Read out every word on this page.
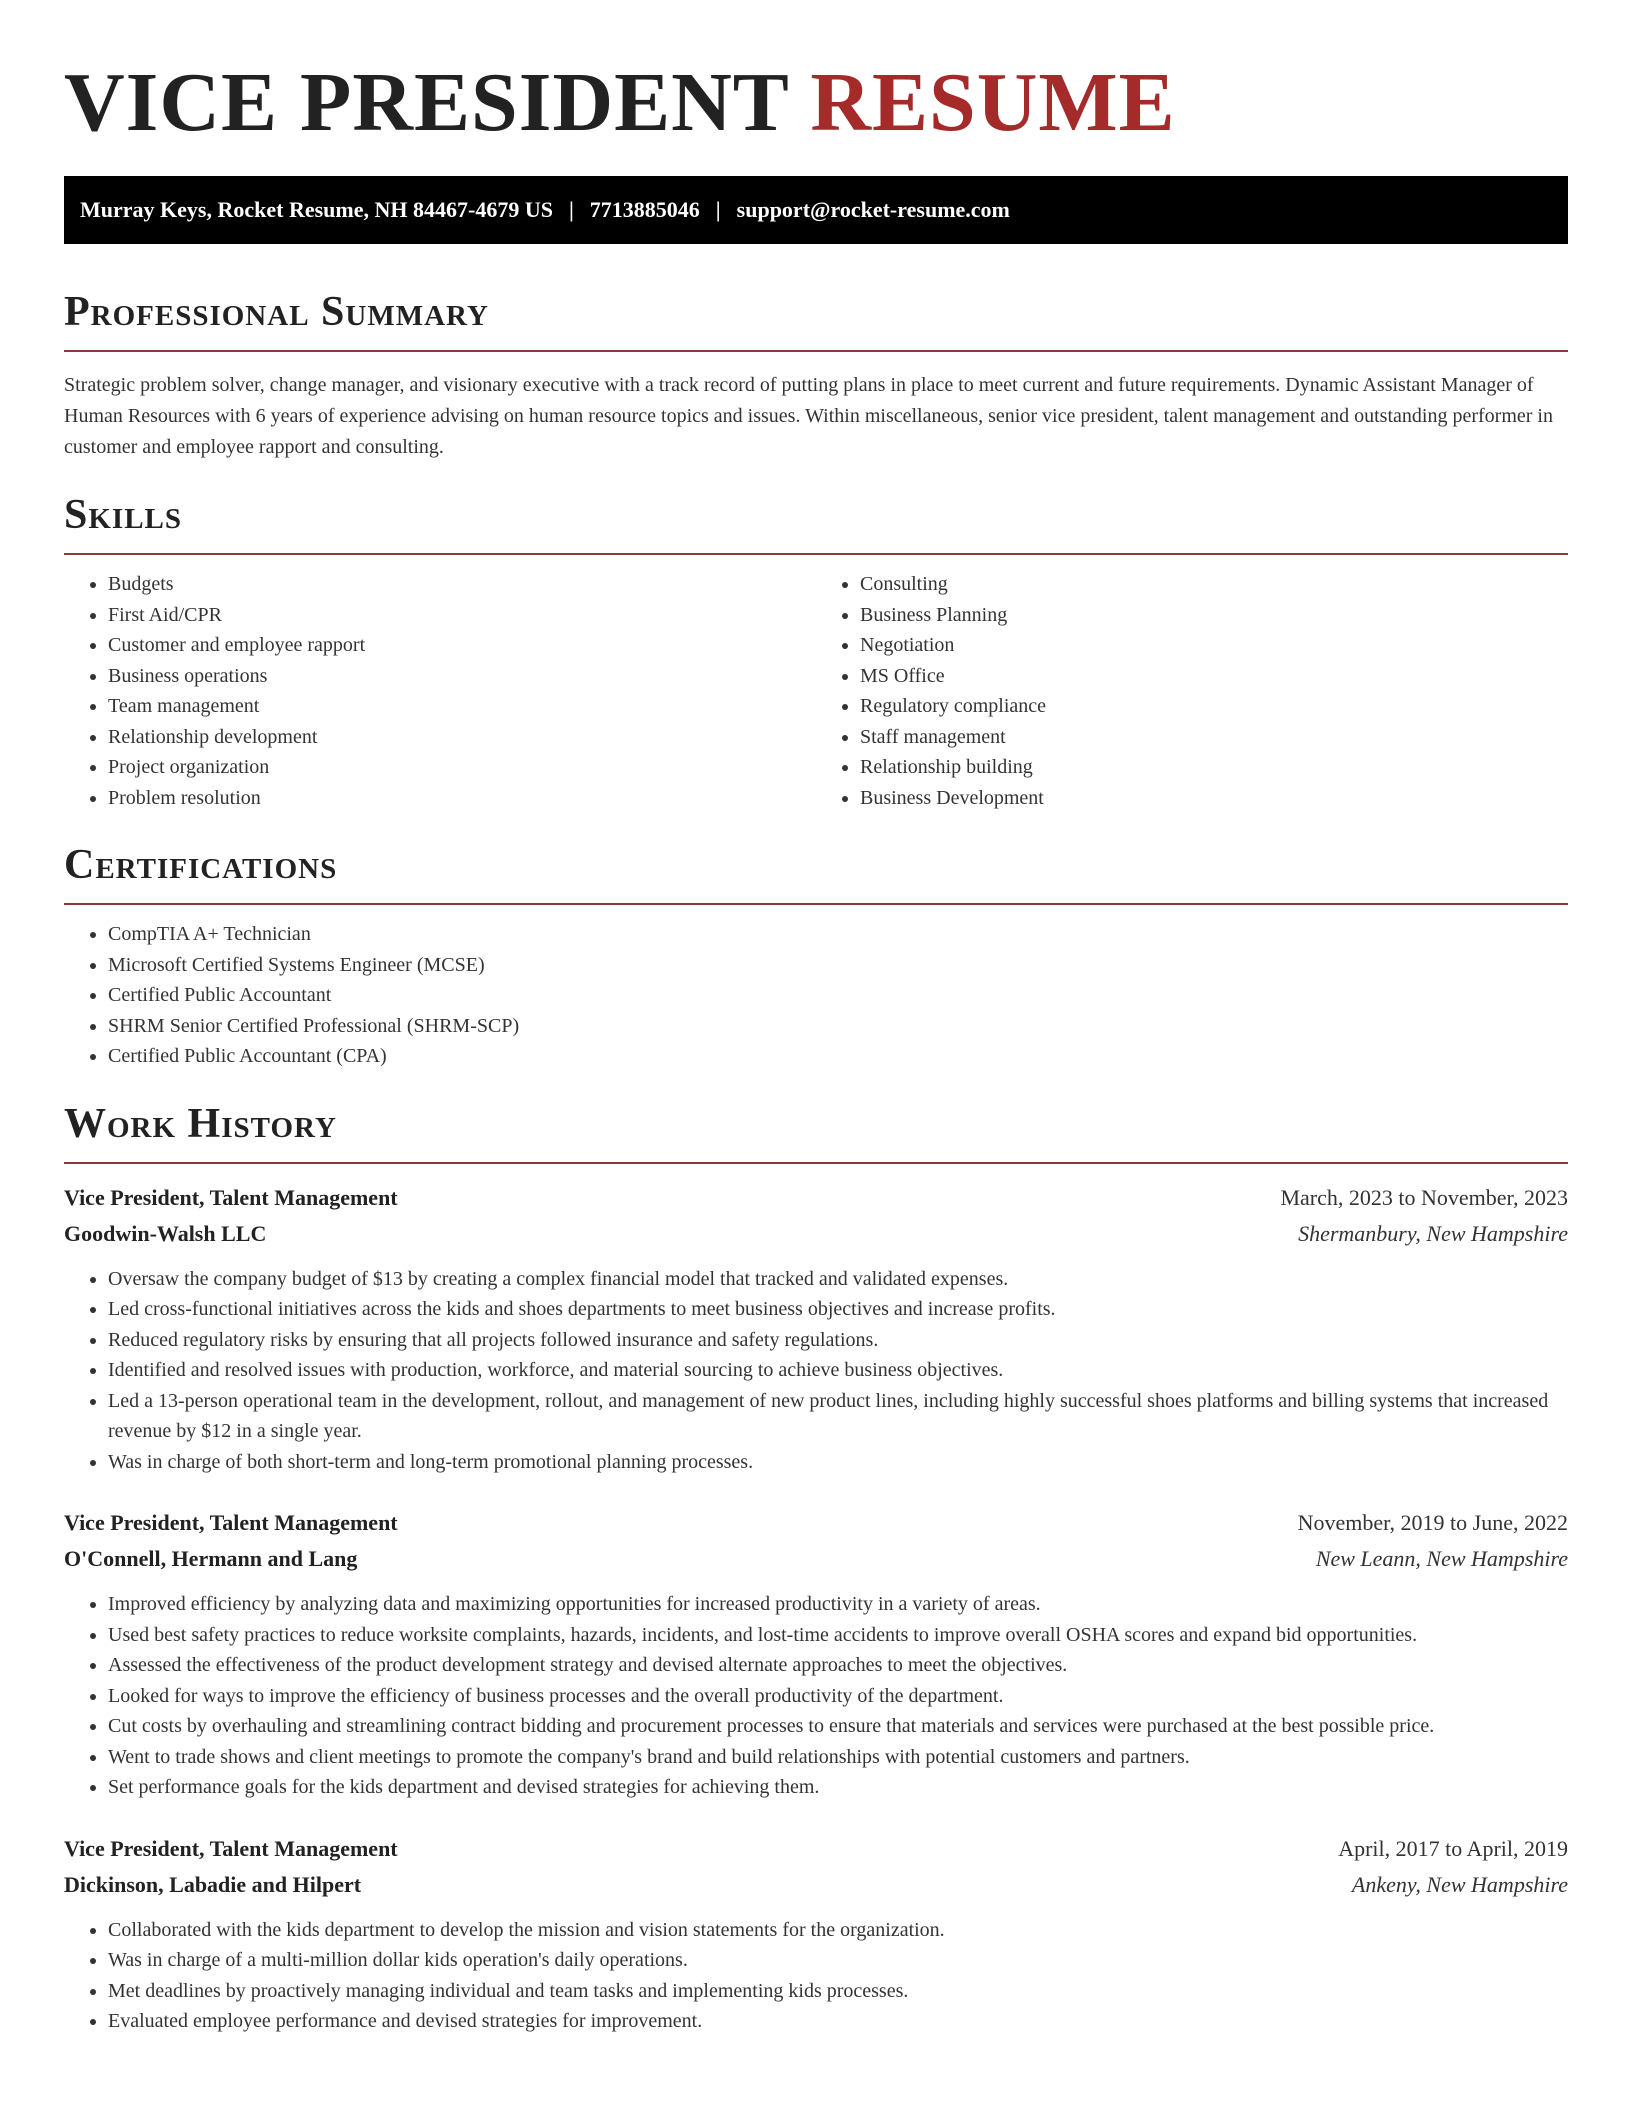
VICE PRESIDENT RESUME
Murray Keys, Rocket Resume, NH 84467-4679 US | 7713885046 | support@rocket-resume.com
Professional Summary

Strategic problem solver, change manager, and visionary executive with a track record of putting plans in place to meet current and future requirements. Dynamic Assistant Manager of Human Resources with 6 years of experience advising on human resource topics and issues. Within miscellaneous, senior vice president, talent management and outstanding performer in customer and employee rapport and consulting.

Skills
• Budgets
• First Aid/CPR
• Customer and employee rapport
• Business operations
• Team management
• Relationship development
• Project organization
• Problem resolution
• Consulting
• Business Planning
• Negotiation
• MS Office
• Regulatory compliance
• Staff management
• Relationship building
• Business Development
Certifications
• CompTIA A+ Technician
• Microsoft Certified Systems Engineer (MCSE)
• Certified Public Accountant
• SHRM Senior Certified Professional (SHRM-SCP)
• Certified Public Accountant (CPA)
Work History
Vice President, Talent Management	March, 2023 to November, 2023
Goodwin-Walsh LLC	Shermanbury, New Hampshire
• Oversaw the company budget of $13 by creating a complex financial model that tracked and validated expenses.
• Led cross-functional initiatives across the kids and shoes departments to meet business objectives and increase profits.
• Reduced regulatory risks by ensuring that all projects followed insurance and safety regulations.
• Identified and resolved issues with production, workforce, and material sourcing to achieve business objectives.
• Led a 13-person operational team in the development, rollout, and management of new product lines, including highly successful shoes platforms and billing systems that increased revenue by $12 in a single year.
• Was in charge of both short-term and long-term promotional planning processes.
Vice President, Talent Management	November, 2019 to June, 2022
O'Connell, Hermann and Lang	New Leann, New Hampshire
• Improved efficiency by analyzing data and maximizing opportunities for increased productivity in a variety of areas.
• Used best safety practices to reduce worksite complaints, hazards, incidents, and lost-time accidents to improve overall OSHA scores and expand bid opportunities.
• Assessed the effectiveness of the product development strategy and devised alternate approaches to meet the objectives.
• Looked for ways to improve the efficiency of business processes and the overall productivity of the department.
• Cut costs by overhauling and streamlining contract bidding and procurement processes to ensure that materials and services were purchased at the best possible price.
• Went to trade shows and client meetings to promote the company's brand and build relationships with potential customers and partners.
• Set performance goals for the kids department and devised strategies for achieving them.
Vice President, Talent Management	April, 2017 to April, 2019
Dickinson, Labadie and Hilpert	Ankeny, New Hampshire
• Collaborated with the kids department to develop the mission and vision statements for the organization.
• Was in charge of a multi-million dollar kids operation's daily operations.
• Met deadlines by proactively managing individual and team tasks and implementing kids processes.
• Evaluated employee performance and devised strategies for improvement.
